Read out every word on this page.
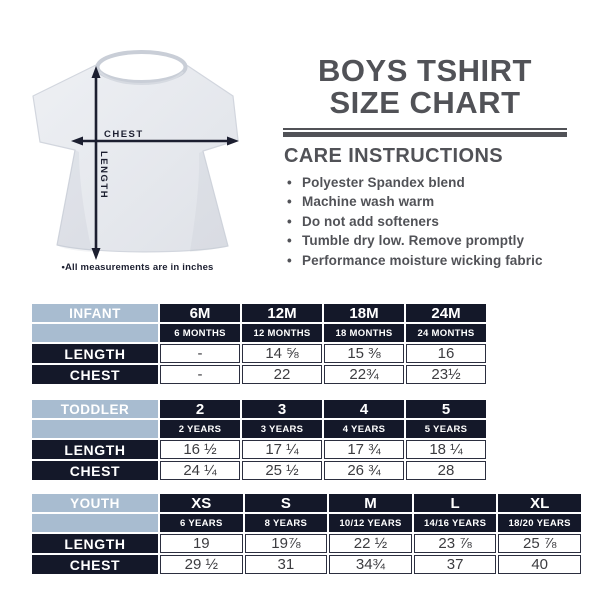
CHEST
LENGTH
•All measurements are in inches
BOYS TSHIRT
SIZE CHART
CARE INSTRUCTIONS
• Polyester Spandex blend
• Machine wash warm
• Do not add softeners
• Tumble dry low. Remove promptly
• Performance moisture wicking fabric
INFANT	6M	12M	18M	24M
	6 MONTHS	12 MONTHS	18 MONTHS	24 MONTHS
LENGTH	-	14 ⅝	15 ⅜	16
CHEST	-	22	22¾	23½
TODDLER	2	3	4	5
	2 YEARS	3 YEARS	4 YEARS	5 YEARS
LENGTH	16 ½	17 ¼	17 ¾	18 ¼
CHEST	24 ¼	25 ½	26 ¾	28
YOUTH	XS	S	M	L	XL
	6 YEARS	8 YEARS	10/12 YEARS	14/16 YEARS	18/20 YEARS
LENGTH	19	19⅞	22 ½	23 ⅞	25 ⅞
CHEST	29 ½	31	34¾	37	40
